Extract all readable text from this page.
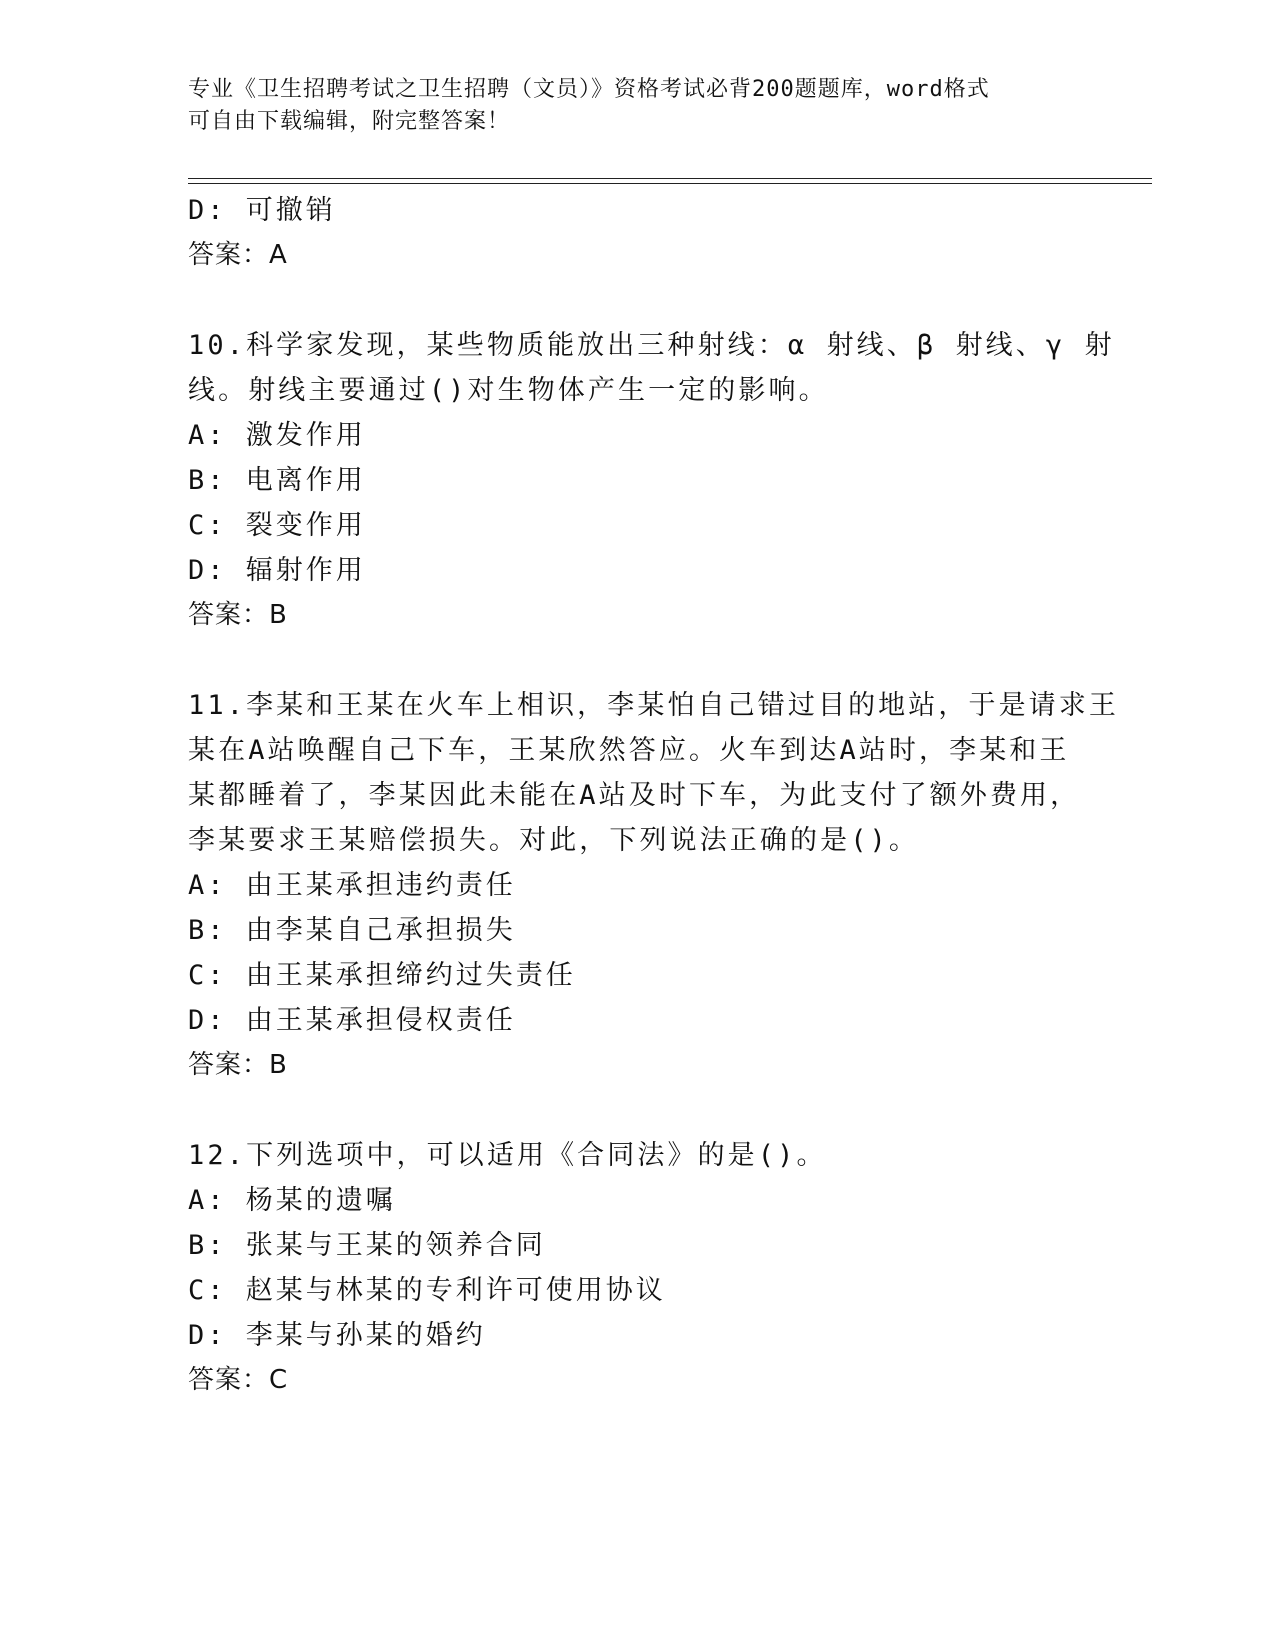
专业《卫生招聘考试之卫生招聘（文员）》资格考试必背200题题库，word格式
可自由下载编辑，附完整答案！
D: 可撤销
答案：A
10.科学家发现，某些物质能放出三种射线：α 射线、β 射线、γ 射
线。射线主要通过()对生物体产生一定的影响。
A: 激发作用
B: 电离作用
C: 裂变作用
D: 辐射作用
答案：B
11.李某和王某在火车上相识，李某怕自己错过目的地站，于是请求王
某在A站唤醒自己下车，王某欣然答应。火车到达A站时，李某和王
某都睡着了，李某因此未能在A站及时下车，为此支付了额外费用，
李某要求王某赔偿损失。对此，下列说法正确的是()。
A: 由王某承担违约责任
B: 由李某自己承担损失
C: 由王某承担缔约过失责任
D: 由王某承担侵权责任
答案：B
12.下列选项中，可以适用《合同法》的是()。
A: 杨某的遗嘱
B: 张某与王某的领养合同
C: 赵某与林某的专利许可使用协议
D: 李某与孙某的婚约
答案：C
